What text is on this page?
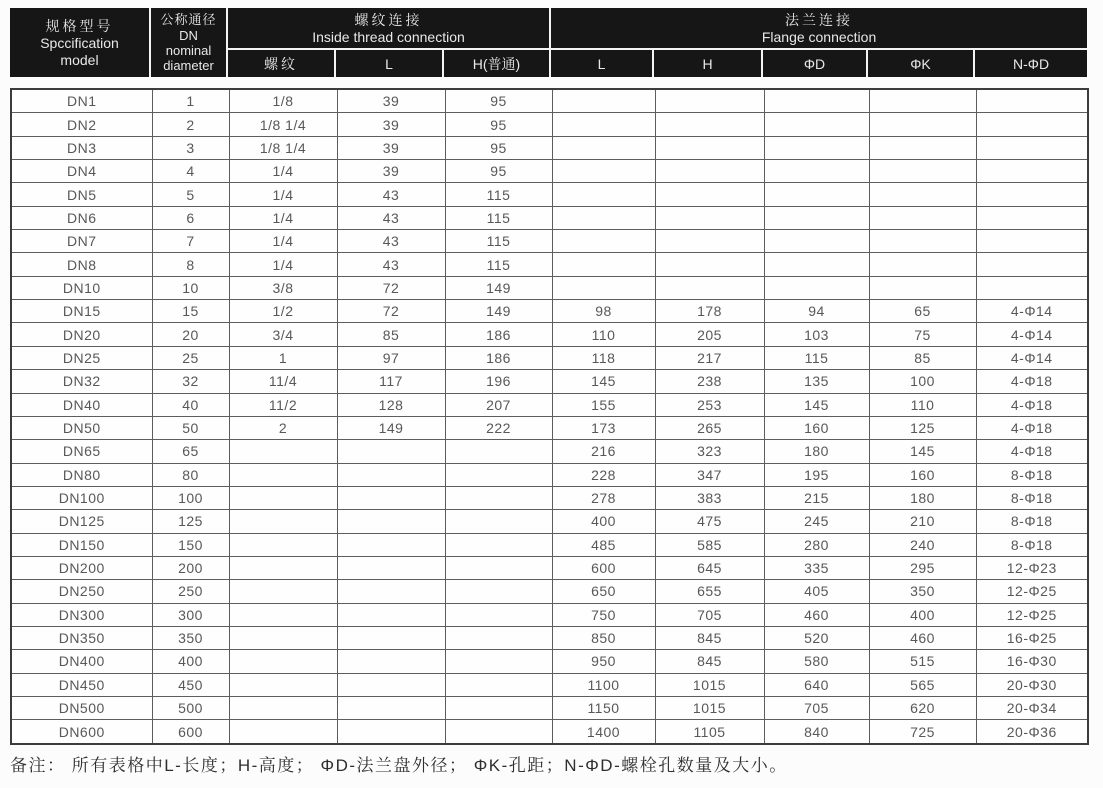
规格型号
Spccification
model

公称通径
DN
nominal
diameter

螺纹连接
Inside thread connection

法兰连接
Flange connection

		螺纹	L	H(普通)	L	H	ΦD	ΦK	N-ΦD
DN1	1	1/8	39	95					
DN2	2	1/8 1/4	39	95					
DN3	3	1/8 1/4	39	95					
DN4	4	1/4	39	95					
DN5	5	1/4	43	115					
DN6	6	1/4	43	115					
DN7	7	1/4	43	115					
DN8	8	1/4	43	115					
DN10	10	3/8	72	149					
DN15	15	1/2	72	149	98	178	94	65	4-Φ14
DN20	20	3/4	85	186	110	205	103	75	4-Φ14
DN25	25	1	97	186	118	217	115	85	4-Φ14
DN32	32	11/4	117	196	145	238	135	100	4-Φ18
DN40	40	11/2	128	207	155	253	145	110	4-Φ18
DN50	50	2	149	222	173	265	160	125	4-Φ18
DN65	65				216	323	180	145	4-Φ18
DN80	80				228	347	195	160	8-Φ18
DN100	100				278	383	215	180	8-Φ18
DN125	125				400	475	245	210	8-Φ18
DN150	150				485	585	280	240	8-Φ18
DN200	200				600	645	335	295	12-Φ23
DN250	250				650	655	405	350	12-Φ25
DN300	300				750	705	460	400	12-Φ25
DN350	350				850	845	520	460	16-Φ25
DN400	400				950	845	580	515	16-Φ30
DN450	450				1100	1015	640	565	20-Φ30
DN500	500				1150	1015	705	620	20-Φ34
DN600	600				1400	1105	840	725	20-Φ36
备注： 所有表格中L-长度；H-高度； ΦD-法兰盘外径； ΦK-孔距；N-ΦD-螺栓孔数量及大小。
